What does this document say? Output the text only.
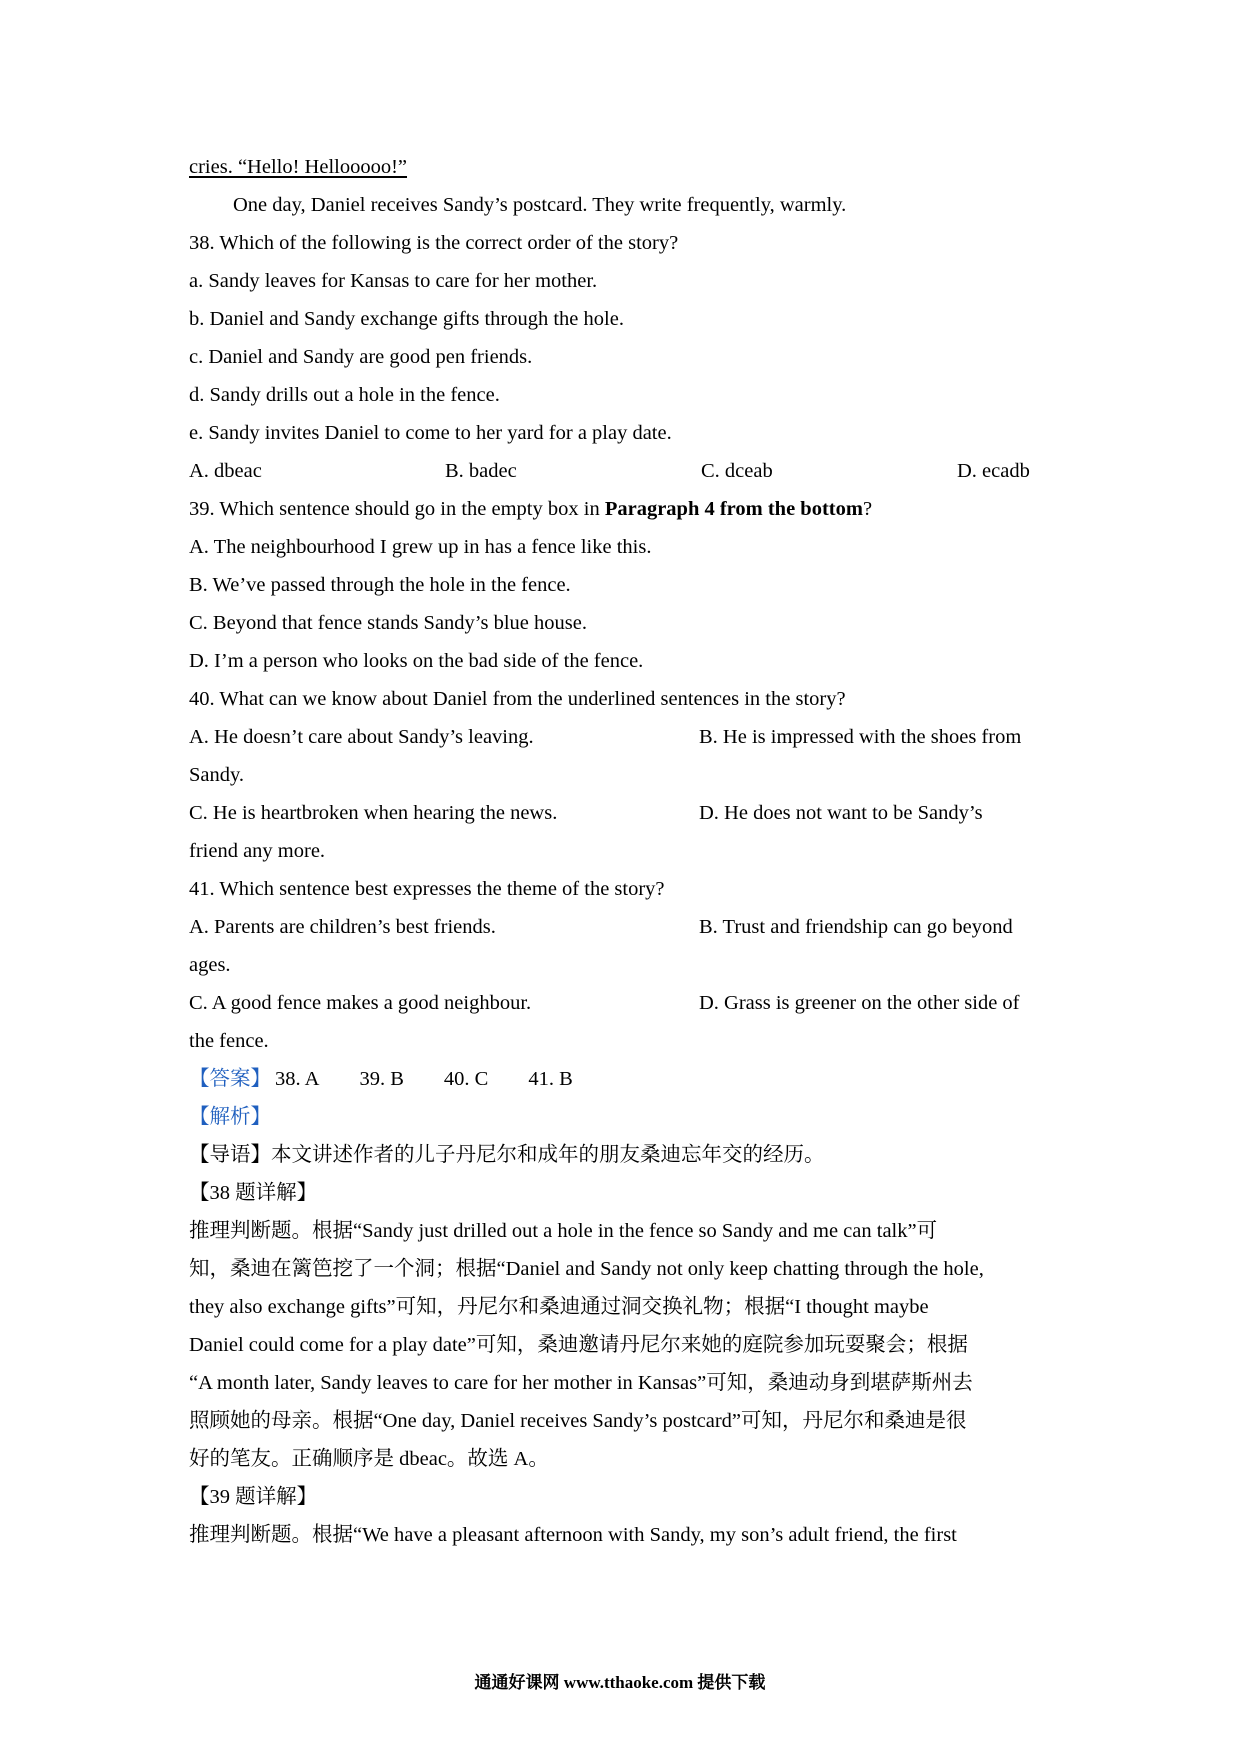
cries. “Hello! Hellooooo!”
One day, Daniel receives Sandy’s postcard. They write frequently, warmly.
38. Which of the following is the correct order of the story?
a. Sandy leaves for Kansas to care for her mother.
b. Daniel and Sandy exchange gifts through the hole.
c. Daniel and Sandy are good pen friends.
d. Sandy drills out a hole in the fence.
e. Sandy invites Daniel to come to her yard for a play date.
A. dbeac	B. badec	C. dceab	D. ecadb
39. Which sentence should go in the empty box in Paragraph 4 from the bottom?
A. The neighbourhood I grew up in has a fence like this.
B. We’ve passed through the hole in the fence.
C. Beyond that fence stands Sandy’s blue house.
D. I’m a person who looks on the bad side of the fence.
40. What can we know about Daniel from the underlined sentences in the story?
A. He doesn’t care about Sandy’s leaving.	B. He is impressed with the shoes from
Sandy.
C. He is heartbroken when hearing the news.	D. He does not want to be Sandy’s
friend any more.
41. Which sentence best expresses the theme of the story?
A. Parents are children’s best friends.	B. Trust and friendship can go beyond
ages.
C. A good fence makes a good neighbour.	D. Grass is greener on the other side of
the fence.
【答案】 38. A 39. B 40. C 41. B
【解析】
【导语】本文讲述作者的儿子丹尼尔和成年的朋友桑迪忘年交的经历。
【38 题详解】
推理判断题。根据“Sandy just drilled out a hole in the fence so Sandy and me can talk”可
知，桑迪在篱笆挖了一个洞；根据“Daniel and Sandy not only keep chatting through the hole,
they also exchange gifts”可知，丹尼尔和桑迪通过洞交换礼物；根据“I thought maybe
Daniel could come for a play date”可知，桑迪邀请丹尼尔来她的庭院参加玩耍聚会；根据
“A month later, Sandy leaves to care for her mother in Kansas”可知，桑迪动身到堪萨斯州去
照顾她的母亲。根据“One day, Daniel receives Sandy’s postcard”可知，丹尼尔和桑迪是很
好的笔友。正确顺序是 dbeac。故选 A。
【39 题详解】
推理判断题。根据“We have a pleasant afternoon with Sandy, my son’s adult friend, the first
通通好课网 www.tthaoke.com 提供下载
